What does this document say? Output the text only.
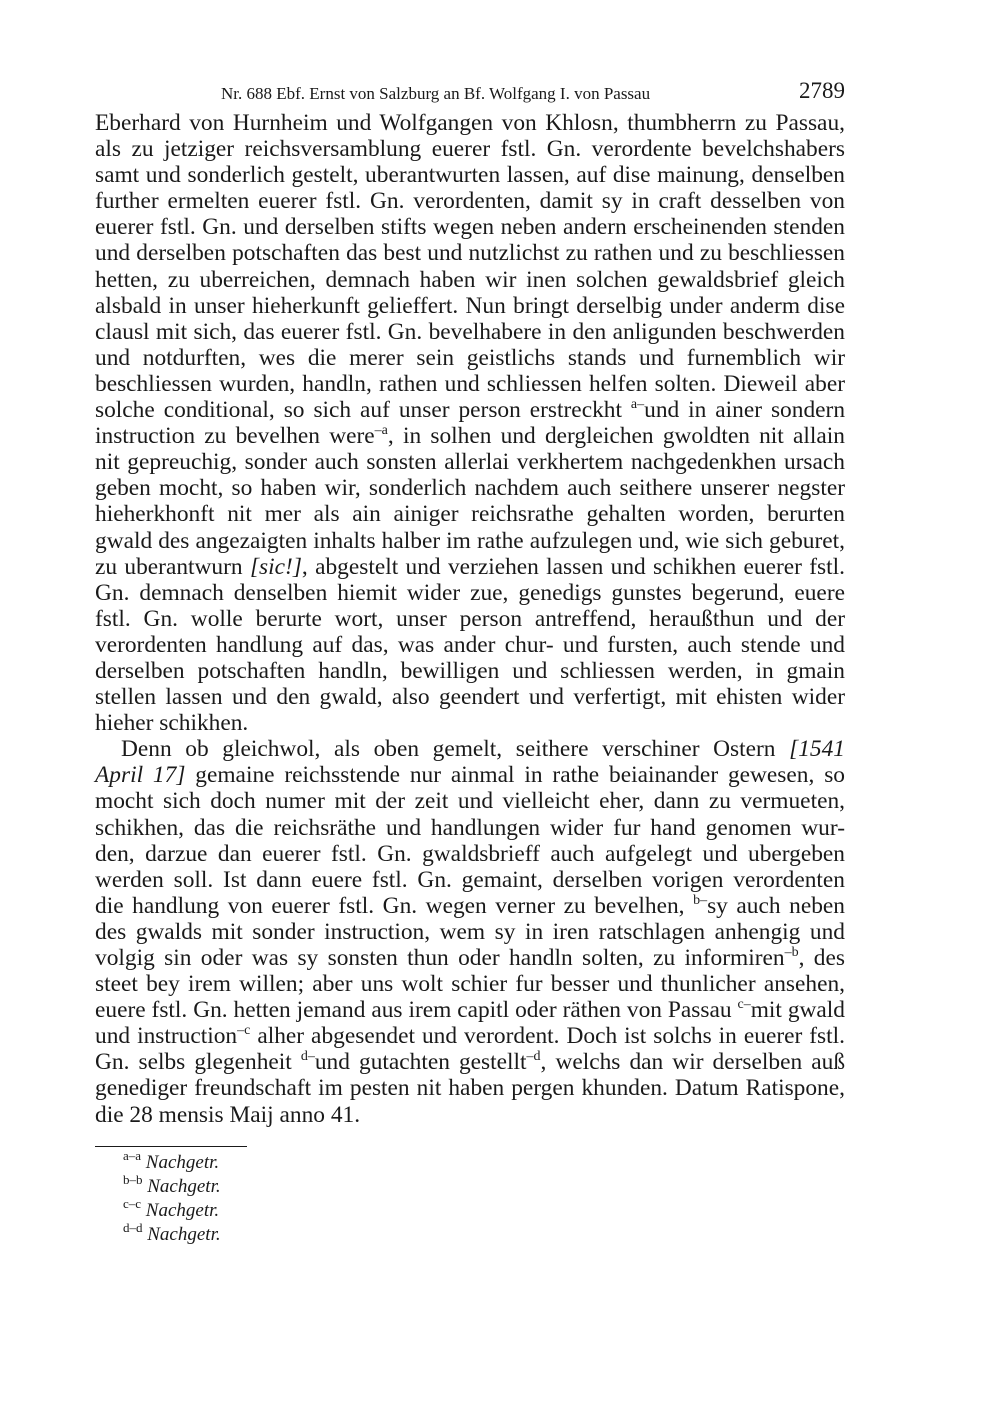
Nr. 688 Ebf. Ernst von Salzburg an Bf. Wolfgang I. von Passau	2789

Eberhard von Hurnheim und Wolfgangen von Khlosn, thumbherrn zu Passau,
als zu jetziger reichsversamblung euerer fstl. Gn. verordente bevelchshabers
samt und sonderlich gestelt, uberantwurten lassen, auf dise mainung, denselben
further ermelten euerer fstl. Gn. verordenten, damit sy in craft desselben von
euerer fstl. Gn. und derselben stifts wegen neben andern erscheinenden stenden
und derselben potschaften das best und nutzlichst zu rathen und zu beschliessen
hetten, zu uberreichen, demnach haben wir inen solchen gewaldsbrief gleich
alsbald in unser hieherkunft gelieffert. Nun bringt derselbig under anderm dise
clausl mit sich, das euerer fstl. Gn. bevelhabere in den anligunden beschwerden
und notdurften, wes die merer sein geistlichs stands und furnemblich wir
beschliessen wurden, handln, rathen und schliessen helfen solten. Dieweil aber
solche conditional, so sich auf unser person erstreckht $^{a-}$und in ainer sondern
instruction zu bevelhen were$^{-a}$, in solhen und dergleichen gwoldten nit allain
nit gepreuchig, sonder auch sonsten allerlai verkhertem nachgedenkhen ursach
geben mocht, so haben wir, sonderlich nachdem auch seithere unserer negster
hieherkhonft nit mer als ain ainiger reichsrathe gehalten worden, berurten
gwald des angezaigten inhalts halber im rathe aufzulegen und, wie sich geburet,
zu uberantwurn [sic!], abgestelt und verziehen lassen und schikhen euerer fstl.
Gn. demnach denselben hiemit wider zue, genedigs gunstes begerund, euere
fstl. Gn. wolle berurte wort, unser person antreffend, heraußthun und der
verordenten handlung auf das, was ander chur- und fursten, auch stende und
derselben potschaften handln, bewilligen und schliessen werden, in gmain
stellen lassen und den gwald, also geendert und verfertigt, mit ehisten wider
hieher schikhen.

Denn ob gleichwol, als oben gemelt, seithere verschiner Ostern [1541
April 17] gemaine reichsstende nur ainmal in rathe beiainander gewesen, so
mocht sich doch numer mit der zeit und vielleicht eher, dann zu vermueten,
schikhen, das die reichsräthe und handlungen wider fur hand genomen wur-
den, darzue dan euerer fstl. Gn. gwaldsbrieff auch aufgelegt und ubergeben
werden soll. Ist dann euere fstl. Gn. gemaint, derselben vorigen verordenten
die handlung von euerer fstl. Gn. wegen verner zu bevelhen, $^{b-}$sy auch neben
des gwalds mit sonder instruction, wem sy in iren ratschlagen anhengig und
volgig sin oder was sy sonsten thun oder handln solten, zu informiren$^{-b}$, des
steet bey irem willen; aber uns wolt schier fur besser und thunlicher ansehen,
euere fstl. Gn. hetten jemand aus irem capitl oder räthen von Passau $^{c-}$mit gwald
und instruction$^{-c}$ alher abgesendet und verordent. Doch ist solchs in euerer fstl.
Gn. selbs glegenheit $^{d-}$und gutachten gestellt$^{-d}$, welchs dan wir derselben auß
genediger freundschaft im pesten nit haben pergen khunden. Datum Ratispone,
die 28 mensis Maij anno 41.

$^{a-a}$ Nachgetr.
$^{b-b}$ Nachgetr.
$^{c-c}$ Nachgetr.
$^{d-d}$ Nachgetr.
